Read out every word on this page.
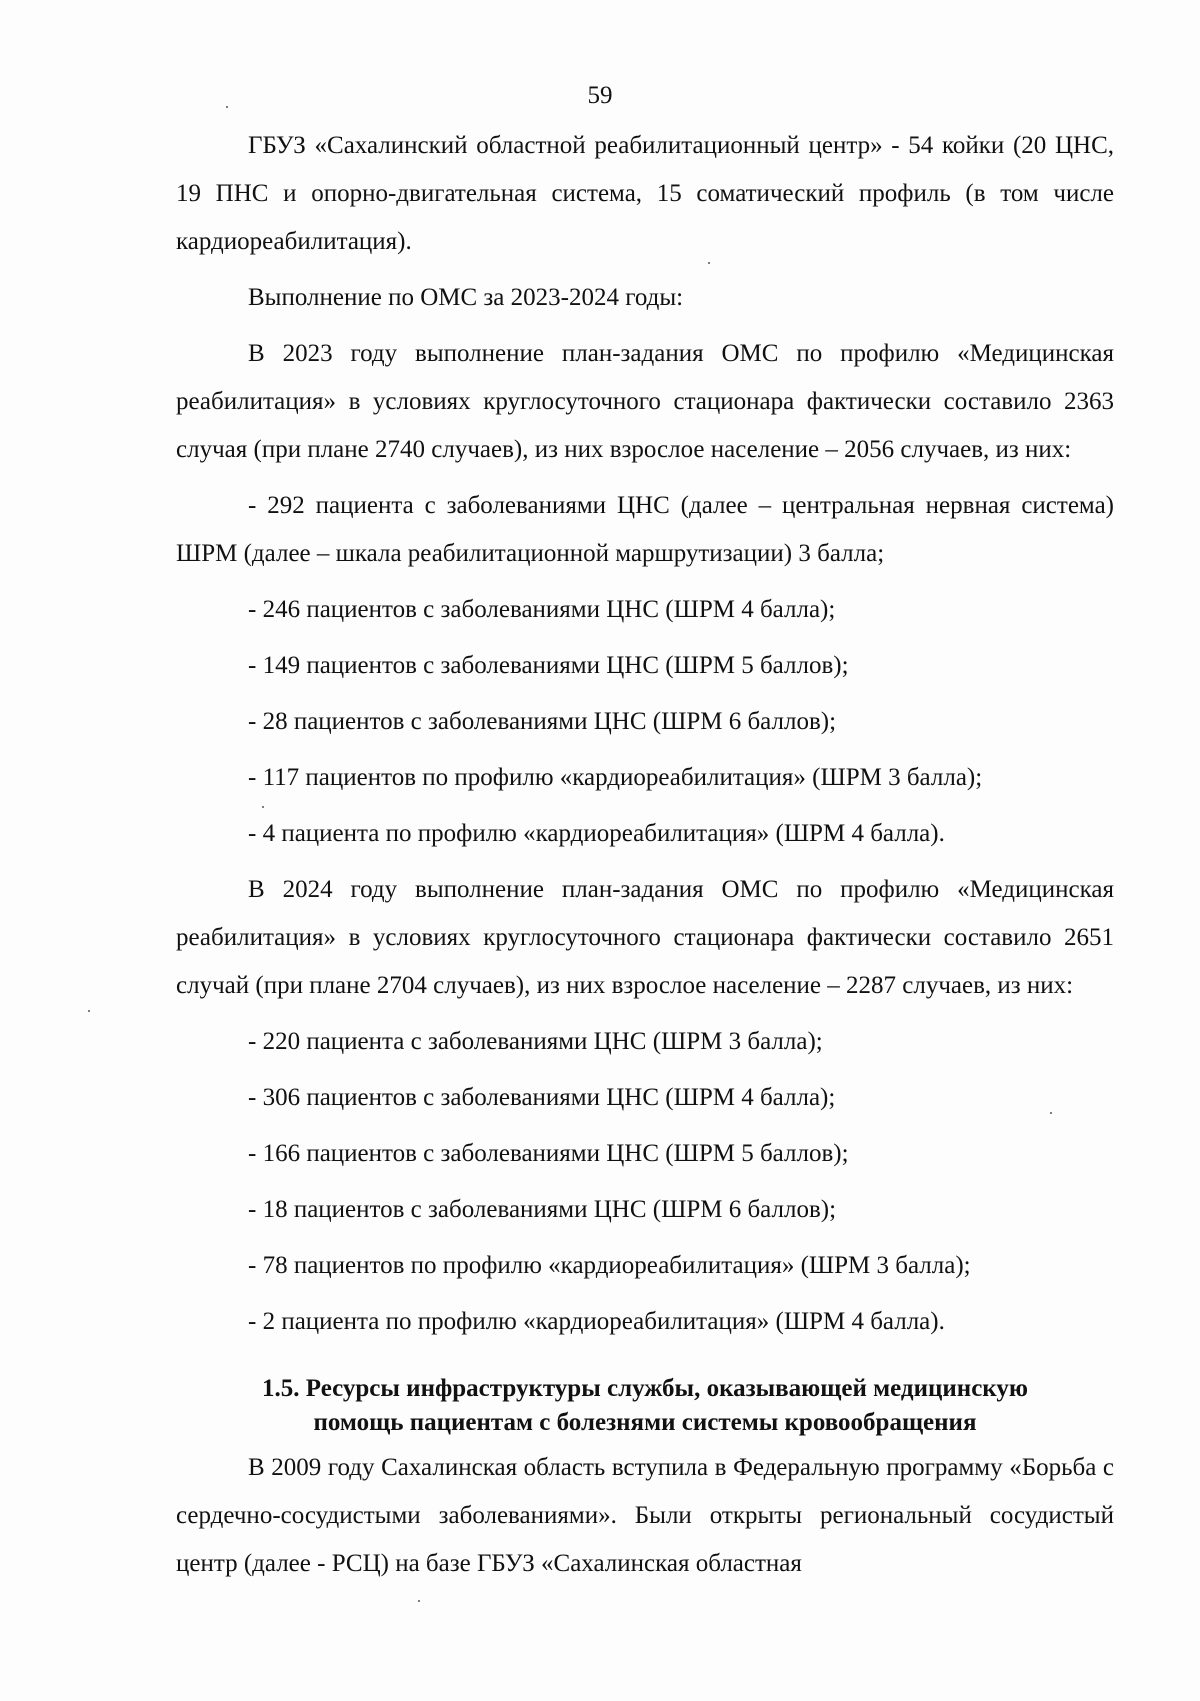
59

ГБУЗ «Сахалинский областной реабилитационный центр» - 54 койки (20 ЦНС, 19 ПНС и опорно-двигательная система, 15 соматический профиль (в том числе кардиореабилитация).

Выполнение по ОМС за 2023-2024 годы:

В 2023 году выполнение план-задания ОМС по профилю «Медицинская реабилитация» в условиях круглосуточного стационара фактически составило 2363 случая (при плане 2740 случаев), из них взрослое население – 2056 случаев, из них:

- 292 пациента с заболеваниями ЦНС (далее – центральная нервная система) ШРМ (далее – шкала реабилитационной маршрутизации) 3 балла;

- 246 пациентов с заболеваниями ЦНС (ШРМ 4 балла);

- 149 пациентов с заболеваниями ЦНС (ШРМ 5 баллов);

- 28 пациентов с заболеваниями ЦНС (ШРМ 6 баллов);

- 117 пациентов по профилю «кардиореабилитация» (ШРМ 3 балла);

- 4 пациента по профилю «кардиореабилитация» (ШРМ 4 балла).

В 2024 году выполнение план-задания ОМС по профилю «Медицинская реабилитация» в условиях круглосуточного стационара фактически составило 2651 случай (при плане 2704 случаев), из них взрослое население – 2287 случаев, из них:

- 220 пациента с заболеваниями ЦНС (ШРМ 3 балла);

- 306 пациентов с заболеваниями ЦНС (ШРМ 4 балла);

- 166 пациентов с заболеваниями ЦНС (ШРМ 5 баллов);

- 18 пациентов с заболеваниями ЦНС (ШРМ 6 баллов);

- 78 пациентов по профилю «кардиореабилитация» (ШРМ 3 балла);

- 2 пациента по профилю «кардиореабилитация» (ШРМ 4 балла).

1.5. Ресурсы инфраструктуры службы, оказывающей медицинскую
помощь пациентам с болезнями системы кровообращения

В 2009 году Сахалинская область вступила в Федеральную программу «Борьба с сердечно-сосудистыми заболеваниями». Были открыты региональный сосудистый центр (далее - РСЦ) на базе ГБУЗ «Сахалинская областная
